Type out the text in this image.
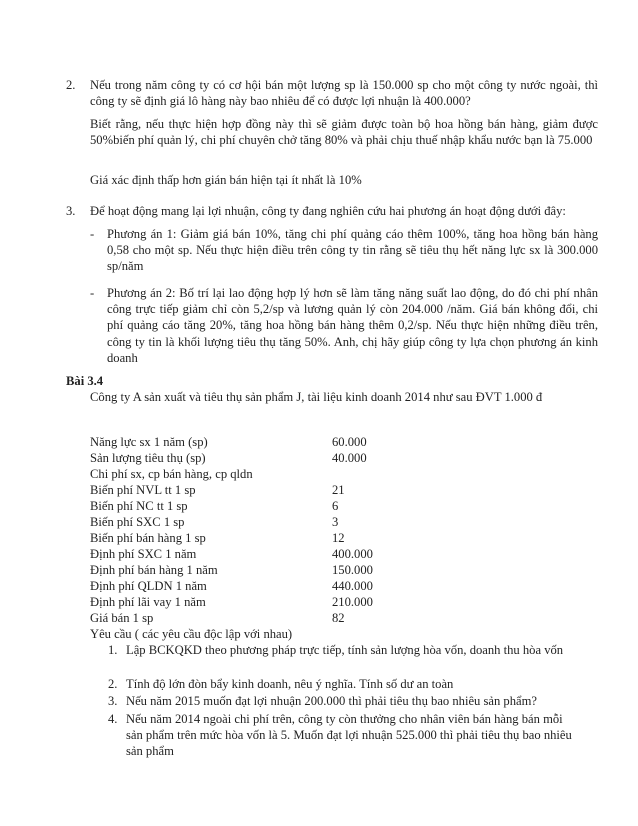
2. Nếu trong năm công ty có cơ hội bán một lượng sp là 150.000 sp cho một công ty nước ngoài, thì công ty sẽ định giá lô hàng này bao nhiêu để có được lợi nhuận là 400.000?
Biết rằng, nếu thực hiện hợp đồng này thì sẽ giảm được toàn bộ hoa hồng bán hàng, giảm được 50%biến phí quản lý, chi phí chuyên chở tăng 80% và phải chịu thuế nhập khẩu nước bạn là 75.000
Giá xác định thấp hơn gián bán hiện tại ít nhất là 10%
3. Để hoạt động mang lại lợi nhuận, công ty đang nghiên cứu hai phương án hoạt động dưới đây:
- Phương án 1: Giảm giá bán 10%, tăng chi phí quảng cáo thêm 100%, tăng hoa hồng bán hàng 0,58 cho một sp. Nếu thực hiện điều trên công ty tin rằng sẽ tiêu thụ hết năng lực sx là 300.000 sp/năm
- Phương án 2: Bố trí lại lao động hợp lý hơn sẽ làm tăng năng suất lao động, do đó chi phí nhân công trực tiếp giảm chỉ còn 5,2/sp và lương quản lý còn 204.000 /năm. Giá bán không đổi, chi phí quảng cáo tăng 20%, tăng hoa hồng bán hàng thêm 0,2/sp. Nếu thực hiện những điều trên, công ty tin là khối lượng tiêu thụ tăng 50%. Anh, chị hãy giúp công ty lựa chọn phương án kinh doanh
Bài 3.4
Công ty A sản xuất và tiêu thụ sản phẩm J, tài liệu kinh doanh 2014 như sau ĐVT 1.000 đ
Năng lực sx 1 năm (sp)	60.000
Sản lượng tiêu thụ (sp)	40.000
Chi phí sx, cp bán hàng, cp qldn
Biến phí NVL tt 1 sp	21
Biến phí NC tt 1 sp	6
Biến phí SXC 1 sp	3
Biến phí bán hàng 1 sp	12
Định phí SXC 1 năm	400.000
Định phí bán hàng 1 năm	150.000
Định phí QLDN 1 năm	440.000
Định phí lãi vay 1 năm	210.000
Giá bán 1 sp	82
Yêu cầu ( các yêu cầu độc lập với nhau)
1. Lập BCKQKD theo phương pháp trực tiếp, tính sản lượng hòa vốn, doanh thu hòa vốn
2. Tính độ lớn đòn bẩy kinh doanh, nêu ý nghĩa. Tính số dư an toàn
3. Nếu năm 2015 muốn đạt lợi nhuận 200.000 thì phải tiêu thụ bao nhiêu sản phẩm?
4. Nếu năm 2014 ngoài chi phí trên, công ty còn thưởng cho nhân viên bán hàng bán mỗi sản phẩm trên mức hòa vốn là 5. Muốn đạt lợi nhuận 525.000 thì phải tiêu thụ bao nhiêu sản phẩm
